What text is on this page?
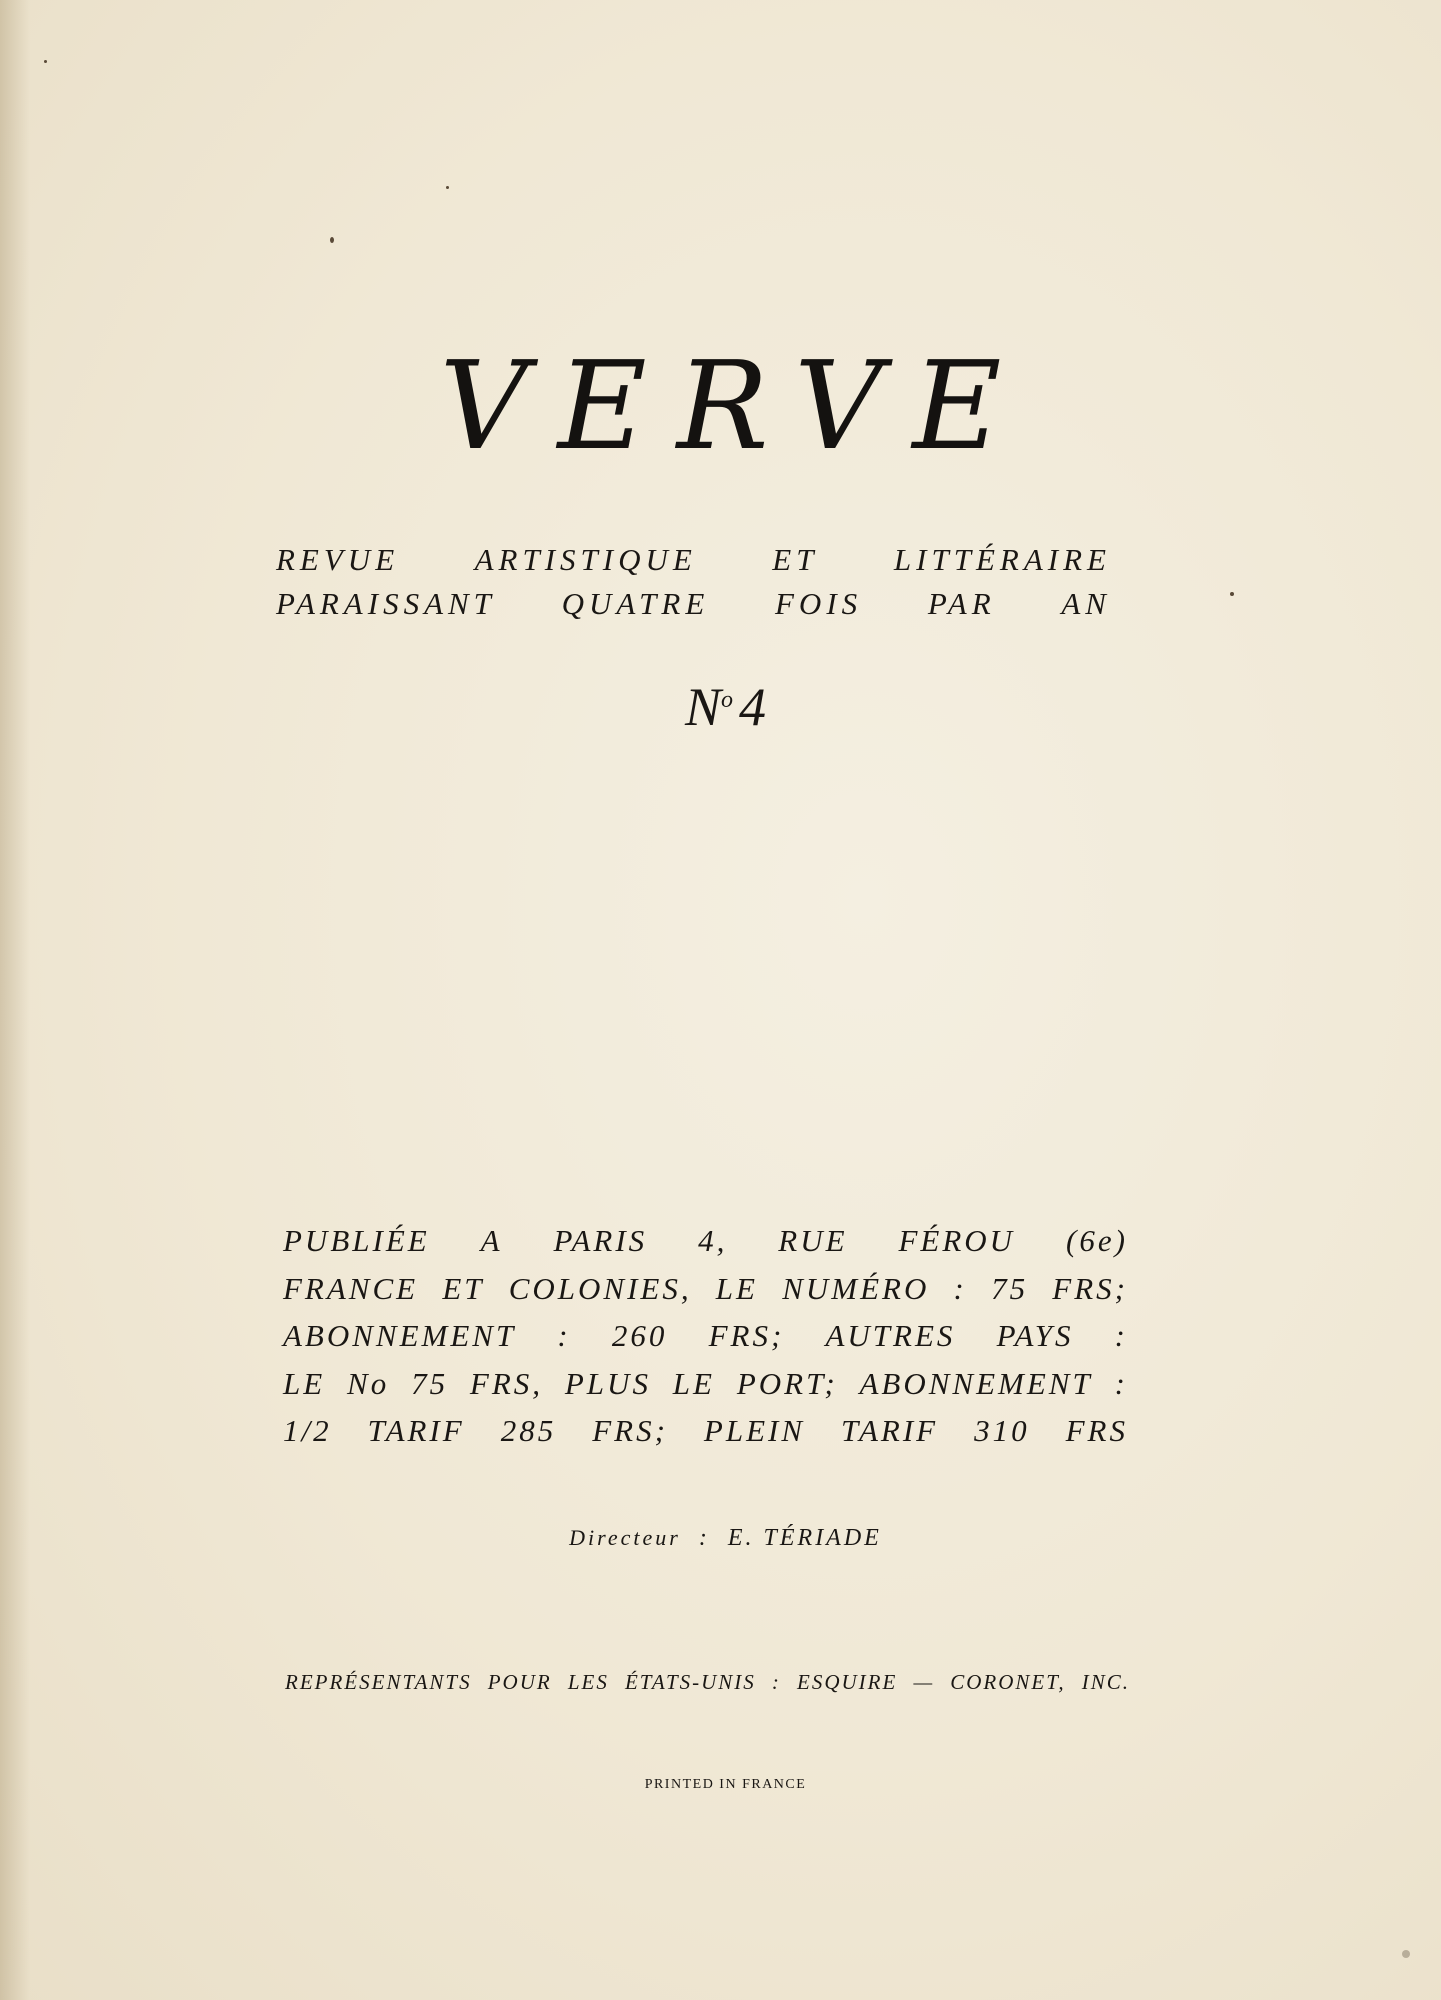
VERVE
REVUE ARTISTIQUE ET LITTÉRAIRE
PARAISSANT QUATRE FOIS PAR AN
$N^o$ 4
PUBLIÉE A PARIS 4, RUE FÉROU (6e)
FRANCE ET COLONIES, LE NUMÉRO : 75 FRS;
ABONNEMENT : 260 FRS; AUTRES PAYS :
LE No 75 FRS, PLUS LE PORT; ABONNEMENT :
1/2 TARIF 285 FRS; PLEIN TARIF 310 FRS
Directeur : E. TÉRIADE
REPRÉSENTANTS POUR LES ÉTATS-UNIS : ESQUIRE — CORONET, INC.
PRINTED IN FRANCE
